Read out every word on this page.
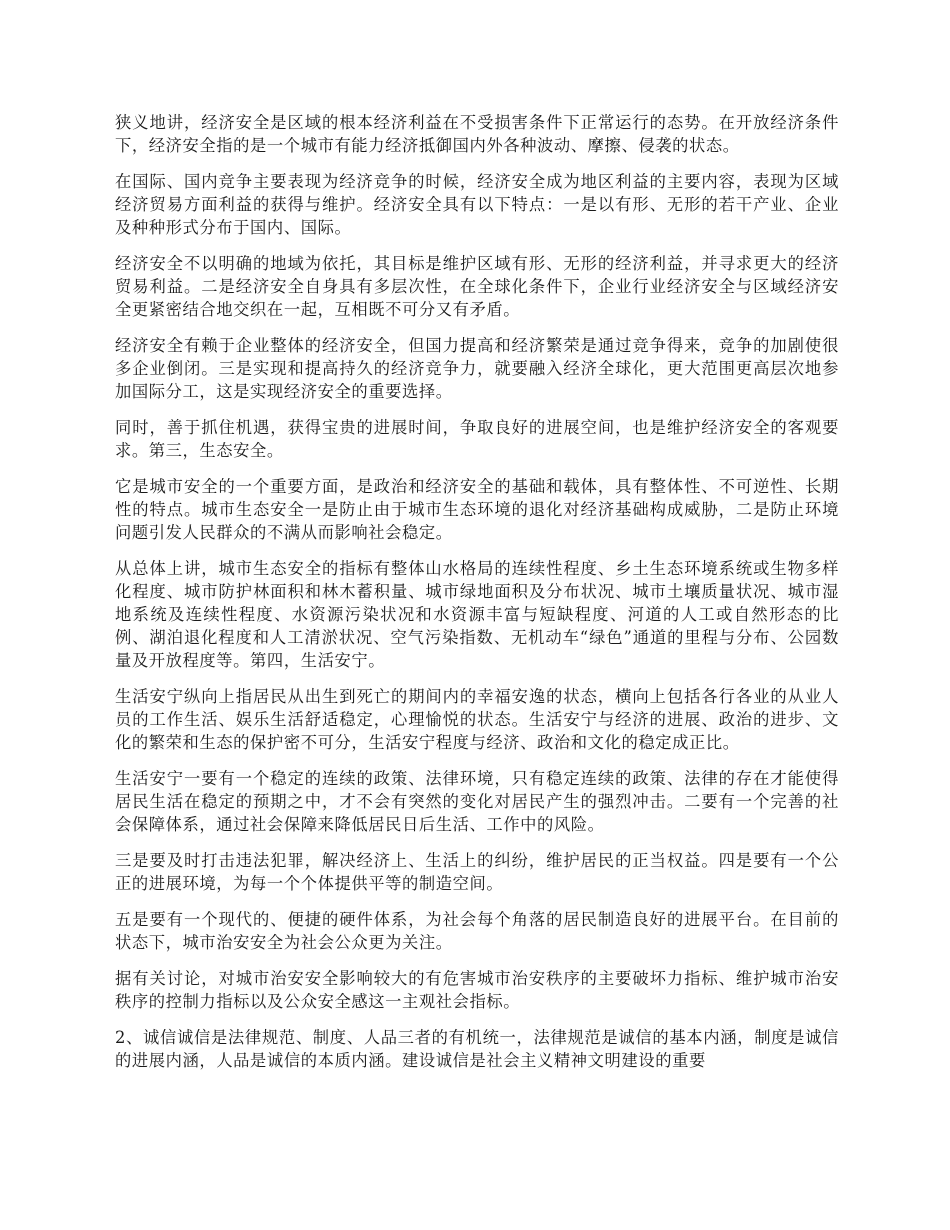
狭义地讲，经济安全是区域的根本经济利益在不受损害条件下正常运行的态势。在开放经济条件下，经济安全指的是一个城市有能力经济抵御国内外各种波动、摩擦、侵袭的状态。

在国际、国内竞争主要表现为经济竞争的时候，经济安全成为地区利益的主要内容，表现为区域经济贸易方面利益的获得与维护。经济安全具有以下特点：一是以有形、无形的若干产业、企业及种种形式分布于国内、国际。

经济安全不以明确的地域为依托，其目标是维护区域有形、无形的经济利益，并寻求更大的经济贸易利益。二是经济安全自身具有多层次性，在全球化条件下，企业行业经济安全与区域经济安全更紧密结合地交织在一起，互相既不可分又有矛盾。

经济安全有赖于企业整体的经济安全，但国力提高和经济繁荣是通过竞争得来，竞争的加剧使很多企业倒闭。三是实现和提高持久的经济竞争力，就要融入经济全球化，更大范围更高层次地参加国际分工，这是实现经济安全的重要选择。

同时，善于抓住机遇，获得宝贵的进展时间，争取良好的进展空间，也是维护经济安全的客观要求。第三，生态安全。

它是城市安全的一个重要方面，是政治和经济安全的基础和载体，具有整体性、不可逆性、长期性的特点。城市生态安全一是防止由于城市生态环境的退化对经济基础构成威胁，二是防止环境问题引发人民群众的不满从而影响社会稳定。

从总体上讲，城市生态安全的指标有整体山水格局的连续性程度、乡土生态环境系统或生物多样化程度、城市防护林面积和林木蓄积量、城市绿地面积及分布状况、城市土壤质量状况、城市湿地系统及连续性程度、水资源污染状况和水资源丰富与短缺程度、河道的人工或自然形态的比例、湖泊退化程度和人工清淤状况、空气污染指数、无机动车“绿色”通道的里程与分布、公园数量及开放程度等。第四，生活安宁。

生活安宁纵向上指居民从出生到死亡的期间内的幸福安逸的状态，横向上包括各行各业的从业人员的工作生活、娱乐生活舒适稳定，心理愉悦的状态。生活安宁与经济的进展、政治的进步、文化的繁荣和生态的保护密不可分，生活安宁程度与经济、政治和文化的稳定成正比。

生活安宁一要有一个稳定的连续的政策、法律环境，只有稳定连续的政策、法律的存在才能使得居民生活在稳定的预期之中，才不会有突然的变化对居民产生的强烈冲击。二要有一个完善的社会保障体系，通过社会保障来降低居民日后生活、工作中的风险。

三是要及时打击违法犯罪，解决经济上、生活上的纠纷，维护居民的正当权益。四是要有一个公正的进展环境，为每一个个体提供平等的制造空间。

五是要有一个现代的、便捷的硬件体系，为社会每个角落的居民制造良好的进展平台。在目前的状态下，城市治安安全为社会公众更为关注。

据有关讨论，对城市治安安全影响较大的有危害城市治安秩序的主要破坏力指标、维护城市治安秩序的控制力指标以及公众安全感这一主观社会指标。

2、诚信诚信是法律规范、制度、人品三者的有机统一，法律规范是诚信的基本内涵，制度是诚信的进展内涵，人品是诚信的本质内涵。建设诚信是社会主义精神文明建设的重要
